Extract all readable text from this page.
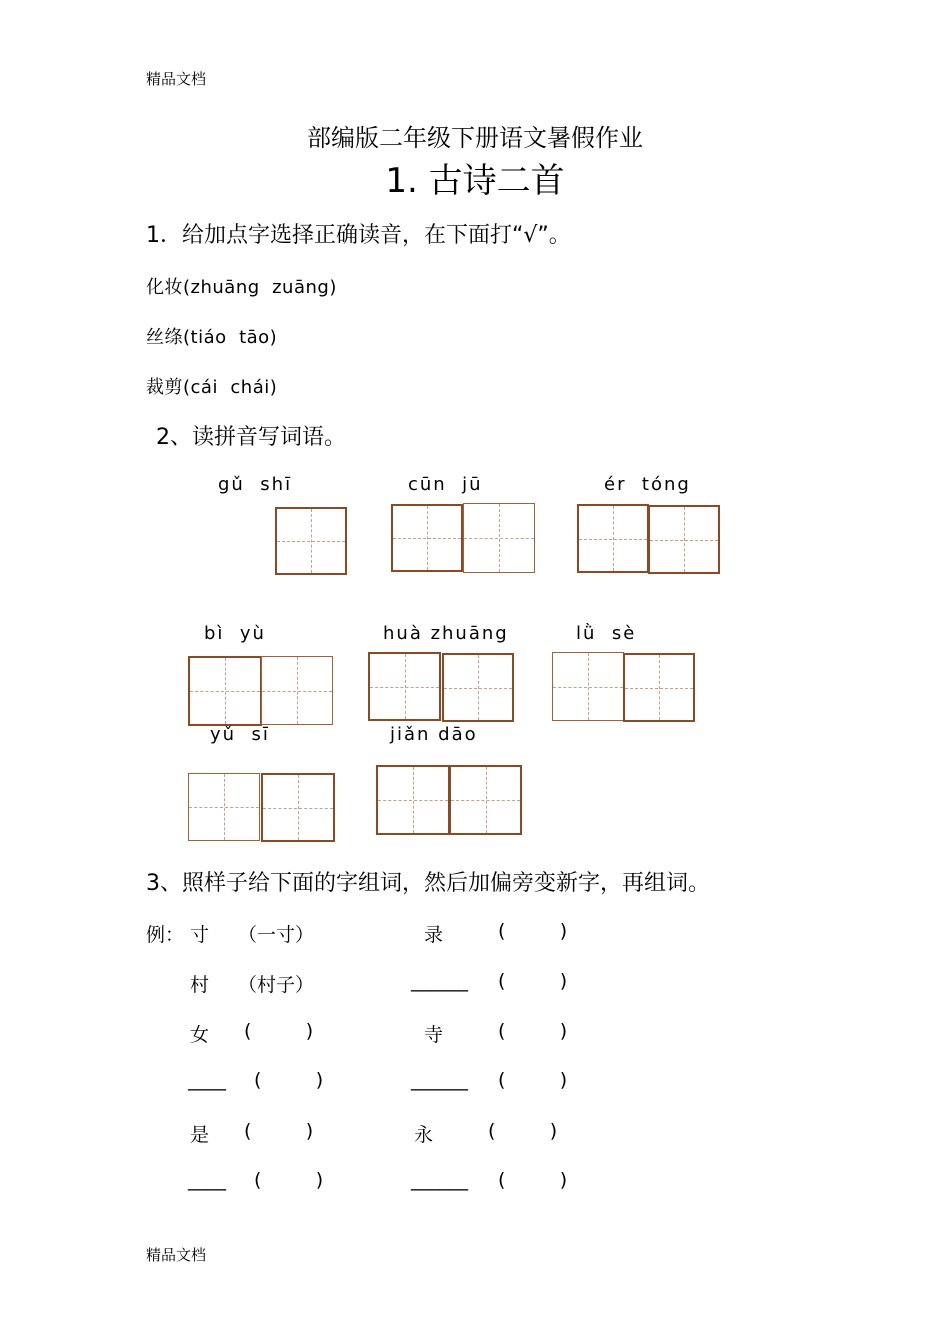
精品文档
部编版二年级下册语文暑假作业
1. 古诗二首
1．给加点字选择正确读音，在下面打“√”。
化妆(zhuāng  zuāng)
丝绦(tiáo  tāo)
裁剪(cái  chái)
2、读拼音写词语。
gǔ  shī	cūn  jū	ér  tóng
bì  yù	huà zhuāng	lǜ  sè
yǔ  sī	jiǎn dāo
3、照样子给下面的字组词，然后加偏旁变新字，再组词。
例： 寸 （一寸）	录	(         )
村 （村子）	______ (         )
女 (         )	寺	(         )
____ (         )	______ (         )
是 (         )	永	(         )
____ (         )	______ (         )
精品文档
